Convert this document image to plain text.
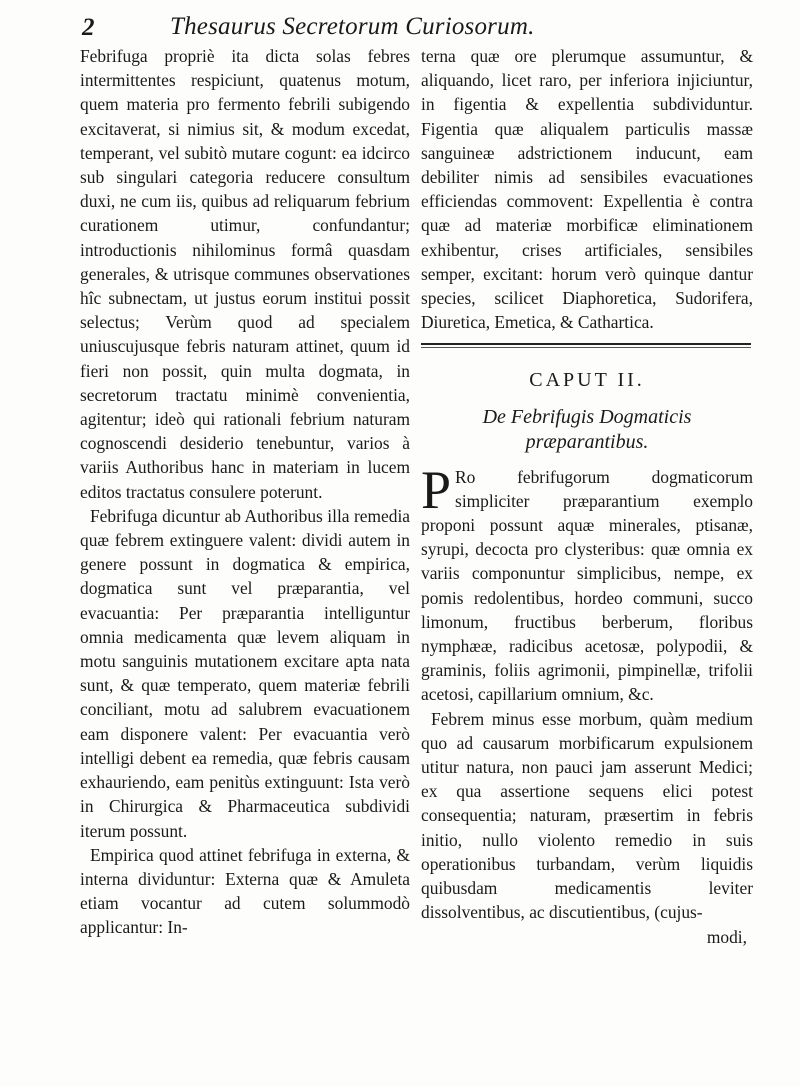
2	Thesaurus Secretorum Curiosorum.

Febrifuga propriè ita dicta solas febres intermittentes respiciunt, quatenus motum, quem materia pro fermento febrili subigendo excitaverat, si nimius sit, & modum excedat, temperant, vel subitò mutare cogunt: ea idcirco sub singulari categoria reducere consultum duxi, ne cum iis, quibus ad reliquarum febrium curationem utimur, confundantur; introductionis nihilominus formâ quasdam generales, & utrisque communes observationes hîc subnectam, ut justus eorum institui possit selectus; Verùm quod ad specialem uniuscujusque febris naturam attinet, quum id fieri non possit, quin multa dogmata, in secretorum tractatu minimè convenientia, agitentur; ideò qui rationali febrium naturam cognoscendi desiderio tenebuntur, varios à variis Authoribus hanc in materiam in lucem editos tractatus consulere poterunt.

Febrifuga dicuntur ab Authoribus illa remedia quæ febrem extinguere valent: dividi autem in genere possunt in dogmatica & empirica, dogmatica sunt vel præparantia, vel evacuantia: Per præparantia intelliguntur omnia medicamenta quæ levem aliquam in motu sanguinis mutationem excitare apta nata sunt, & quæ temperato, quem materiæ febrili conciliant, motu ad salubrem evacuationem eam disponere valent: Per evacuantia verò intelligi debent ea remedia, quæ febris causam exhauriendo, eam penitùs extinguunt: Ista verò in Chirurgica & Pharmaceutica subdividi iterum possunt.

Empirica quod attinet febrifuga in externa, & interna dividuntur: Externa quæ & Amuleta etiam vocantur ad cutem solummodò applicantur: In-

terna quæ ore plerumque assumuntur, & aliquando, licet raro, per inferiora injiciuntur, in figentia & expellentia subdividuntur. Figentia quæ aliqualem particulis massæ sanguineæ adstrictionem inducunt, eam debiliter nimis ad sensibiles evacuationes efficiendas commovent: Expellentia è contra quæ ad materiæ morbificæ eliminationem exhibentur, crises artificiales, sensibiles semper, excitant: horum verò quinque dantur species, scilicet Diaphoretica, Sudorifera, Diuretica, Emetica, & Cathartica.

CAPUT II.
De Febrifugis Dogmaticis præparantibus.

P Ro febrifugorum dogmaticorum simpliciter præparantium exemplo proponi possunt aquæ minerales, ptisanæ, syrupi, decocta pro clysteribus: quæ omnia ex variis componuntur simplicibus, nempe, ex pomis redolentibus, hordeo communi, succo limonum, fructibus berberum, floribus nymphææ, radicibus acetosæ, polypodii, & graminis, foliis agrimonii, pimpinellæ, trifolii acetosi, capillarium omnium, &c.

Febrem minus esse morbum, quàm medium quo ad causarum morbificarum expulsionem utitur natura, non pauci jam asserunt Medici; ex qua assertione sequens elici potest consequentia; naturam, præsertim in febris initio, nullo violento remedio in suis operationibus turbandam, verùm liquidis quibusdam medicamentis leviter dissolventibus, ac discutientibus, (cujus-

modi,
